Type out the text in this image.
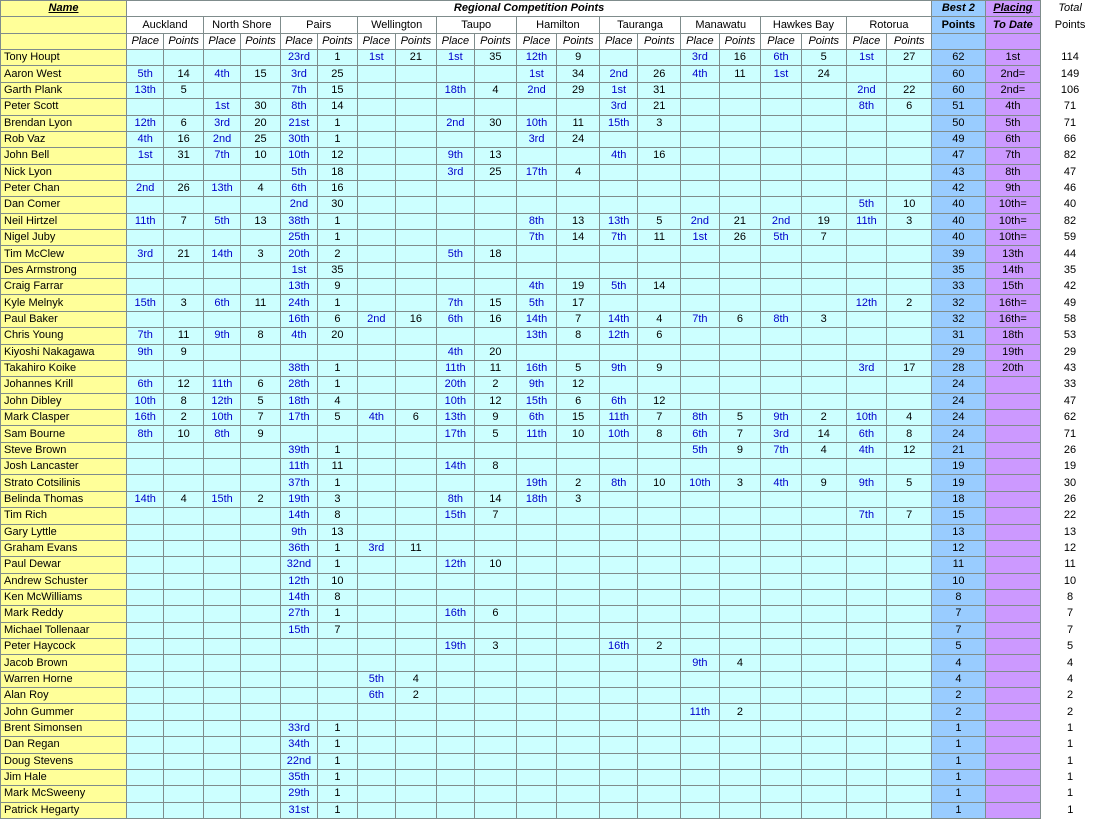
Name	Regional Competition Points																				Best 2	Placing	Total
	Auckland		North Shore		Pairs		Wellington		Taupo		Hamilton		Tauranga		Manawatu		Hawkes Bay		Rotorua		Points	To Date	Points
	Place	Points	Place	Points	Place	Points	Place	Points	Place	Points	Place	Points	Place	Points	Place	Points	Place	Points	Place	Points			
Tony Houpt					23rd	1	1st	21	1st	35	12th	9			3rd	16	6th	5	1st	27	62	1st	114
Aaron West	5th	14	4th	15	3rd	25					1st	34	2nd	26	4th	11	1st	24			60	2nd=	149
Garth Plank	13th	5			7th	15			18th	4	2nd	29	1st	31					2nd	22	60	2nd=	106
Peter Scott			1st	30	8th	14							3rd	21					8th	6	51	4th	71
Brendan Lyon	12th	6	3rd	20	21st	1			2nd	30	10th	11	15th	3							50	5th	71
Rob Vaz	4th	16	2nd	25	30th	1					3rd	24									49	6th	66
John Bell	1st	31	7th	10	10th	12			9th	13			4th	16							47	7th	82
Nick Lyon					5th	18			3rd	25	17th	4									43	8th	47
Peter Chan	2nd	26	13th	4	6th	16															42	9th	46
Dan Comer					2nd	30													5th	10	40	10th=	40
Neil Hirtzel	11th	7	5th	13	38th	1					8th	13	13th	5	2nd	21	2nd	19	11th	3	40	10th=	82
Nigel Juby					25th	1					7th	14	7th	11	1st	26	5th	7			40	10th=	59
Tim McClew	3rd	21	14th	3	20th	2			5th	18											39	13th	44
Des Armstrong					1st	35															35	14th	35
Craig Farrar					13th	9					4th	19	5th	14							33	15th	42
Kyle Melnyk	15th	3	6th	11	24th	1			7th	15	5th	17							12th	2	32	16th=	49
Paul Baker					16th	6	2nd	16	6th	16	14th	7	14th	4	7th	6	8th	3			32	16th=	58
Chris Young	7th	11	9th	8	4th	20					13th	8	12th	6							31	18th	53
Kiyoshi Nakagawa	9th	9							4th	20											29	19th	29
Takahiro Koike					38th	1			11th	11	16th	5	9th	9					3rd	17	28	20th	43
Johannes Krill	6th	12	11th	6	28th	1			20th	2	9th	12									24		33
John Dibley	10th	8	12th	5	18th	4			10th	12	15th	6	6th	12							24		47
Mark Clasper	16th	2	10th	7	17th	5	4th	6	13th	9	6th	15	11th	7	8th	5	9th	2	10th	4	24		62
Sam Bourne	8th	10	8th	9					17th	5	11th	10	10th	8	6th	7	3rd	14	6th	8	24		71
Steve Brown					39th	1									5th	9	7th	4	4th	12	21		26
Josh Lancaster					11th	11			14th	8											19		19
Strato Cotsilinis					37th	1					19th	2	8th	10	10th	3	4th	9	9th	5	19		30
Belinda Thomas	14th	4	15th	2	19th	3			8th	14	18th	3									18		26
Tim Rich					14th	8			15th	7									7th	7	15		22
Gary Lyttle					9th	13															13		13
Graham Evans					36th	1	3rd	11													12		12
Paul Dewar					32nd	1			12th	10											11		11
Andrew Schuster					12th	10															10		10
Ken McWilliams					14th	8															8		8
Mark Reddy					27th	1			16th	6											7		7
Michael Tollenaar					15th	7															7		7
Peter Haycock									19th	3			16th	2							5		5
Jacob Brown															9th	4					4		4
Warren Horne							5th	4													4		4
Alan Roy							6th	2													2		2
John Gummer															11th	2					2		2
Brent Simonsen					33rd	1															1		1
Dan Regan					34th	1															1		1
Doug Stevens					22nd	1															1		1
Jim Hale					35th	1															1		1
Mark McSweeny					29th	1															1		1
Patrick Hegarty					31st	1															1		1
